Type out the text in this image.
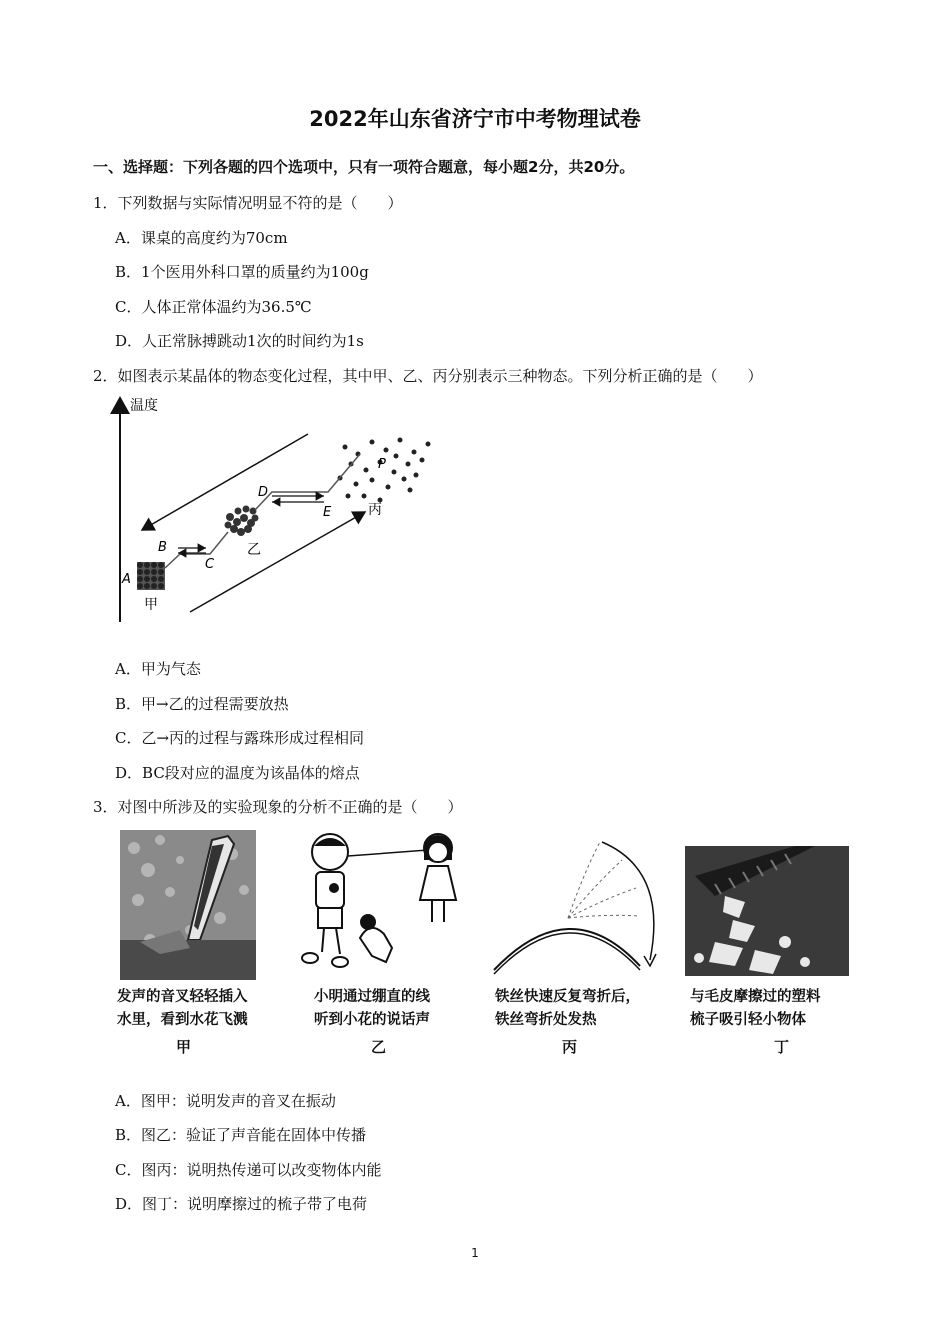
2022年山东省济宁市中考物理试卷
一、选择题：下列各题的四个选项中，只有一项符合题意，每小题2分，共20分。
1．下列数据与实际情况明显不符的是（　　）
A．课桌的高度约为70cm
B．1个医用外科口罩的质量约为100g
C．人体正常体温约为36.5℃
D．人正常脉搏跳动1次的时间约为1s
2．如图表示某晶体的物态变化过程，其中甲、乙、丙分别表示三种物态。下列分析正确的是（　　）
温度
A
B
C
D
E
P
甲
乙
丙
A．甲为气态
B．甲→乙的过程需要放热
C．乙→丙的过程与露珠形成过程相同
D．BC段对应的温度为该晶体的熔点
3．对图中所涉及的实验现象的分析不正确的是（　　）
发声的音叉轻轻插入
水里，看到水花飞溅
甲
小明通过绷直的线
听到小花的说话声
乙
铁丝快速反复弯折后，
铁丝弯折处发热
丙
与毛皮摩擦过的塑料
梳子吸引轻小物体
丁
A．图甲：说明发声的音叉在振动
B．图乙：验证了声音能在固体中传播
C．图丙：说明热传递可以改变物体内能
D．图丁：说明摩擦过的梳子带了电荷
1
